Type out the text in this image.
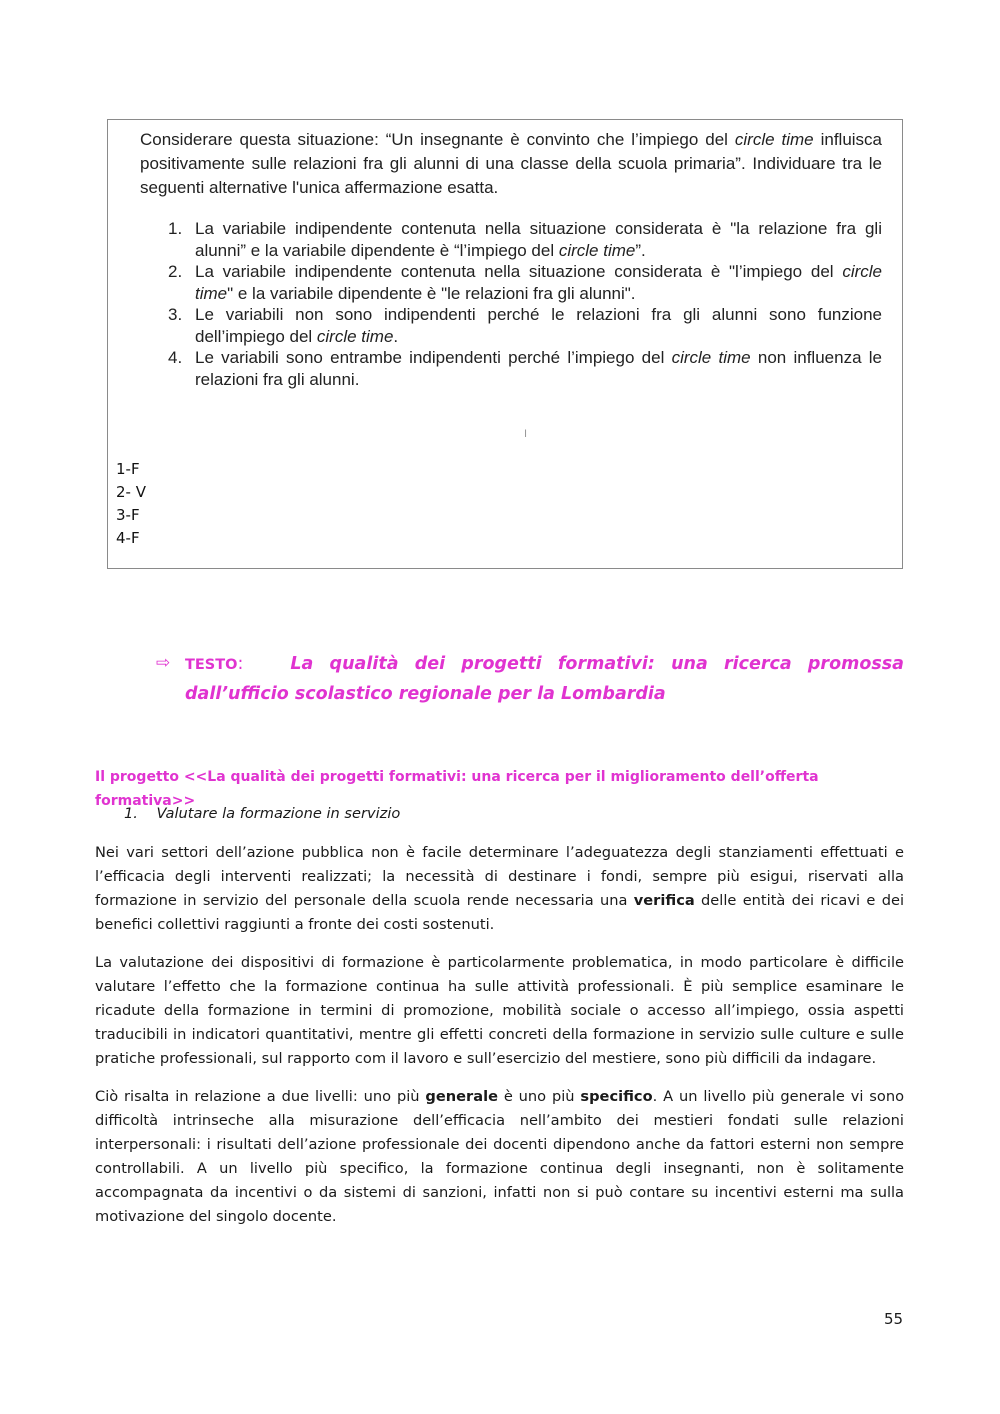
Considerare questa situazione: “Un insegnante è convinto che l’impiego del circle time influisca positivamente sulle relazioni fra gli alunni di una classe della scuola primaria”. Individuare tra le seguenti alternative l'unica affermazione esatta.

1. La variabile indipendente contenuta nella situazione considerata è "la relazione fra gli alunni” e la variabile dipendente è “l’impiego del circle time”.
2. La variabile indipendente contenuta nella situazione considerata è "l’impiego del circle time" e la variabile dipendente è "le relazioni fra gli alunni".
3. Le variabili non sono indipendenti perché le relazioni fra gli alunni sono funzione dell’impiego del circle time.
4. Le variabili sono entrambe indipendenti perché l’impiego del circle time non influenza le relazioni fra gli alunni.
I
1-F
2- V
3-F
4-F
⇨	TESTO:	La qualità dei progetti formativi: una ricerca promossa dall’ufficio scolastico regionale per la Lombardia
Il progetto <<La qualità dei progetti formativi: una ricerca per il miglioramento dell’offerta formativa>>
1. Valutare la formazione in servizio

Nei vari settori dell’azione pubblica non è facile determinare l’adeguatezza degli stanziamenti effettuati e l’efficacia degli interventi realizzati; la necessità di destinare i fondi, sempre più esigui, riservati alla formazione in servizio del personale della scuola rende necessaria una verifica delle entità dei ricavi e dei benefici collettivi raggiunti a fronte dei costi sostenuti.

La valutazione dei dispositivi di formazione è particolarmente problematica, in modo particolare è difficile valutare l’effetto che la formazione continua ha sulle attività professionali. È più semplice esaminare le ricadute della formazione in termini di promozione, mobilità sociale o accesso all’impiego, ossia aspetti traducibili in indicatori quantitativi, mentre gli effetti concreti della formazione in servizio sulle culture e sulle pratiche professionali, sul rapporto com il lavoro e sull’esercizio del mestiere, sono più difficili da indagare.

Ciò risalta in relazione a due livelli: uno più generale è uno più specifico. A un livello più generale vi sono difficoltà intrinseche alla misurazione dell’efficacia nell’ambito dei mestieri fondati sulle relazioni interpersonali: i risultati dell’azione professionale dei docenti dipendono anche da fattori esterni non sempre controllabili. A un livello più specifico, la formazione continua degli insegnanti, non è solitamente accompagnata da incentivi o da sistemi di sanzioni, infatti non si può contare su incentivi esterni ma sulla motivazione del singolo docente.

55
